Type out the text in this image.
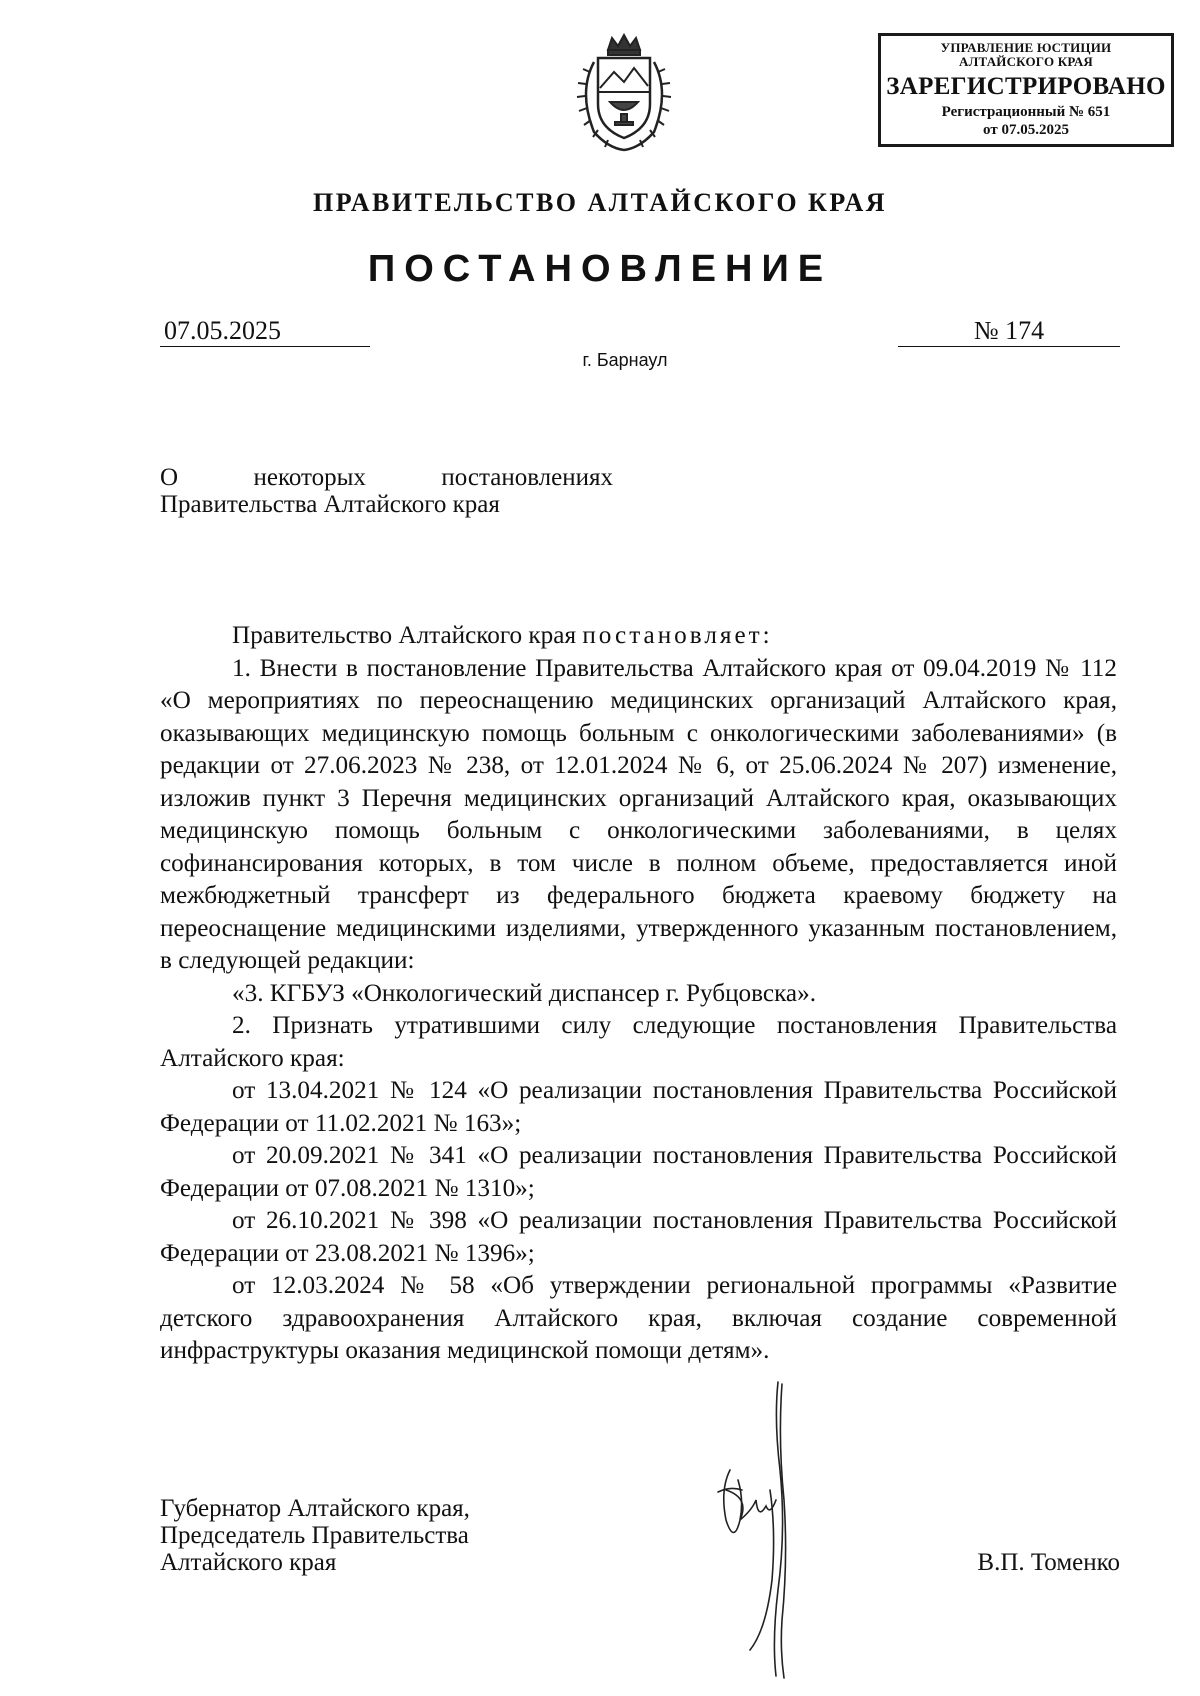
УПРАВЛЕНИЕ ЮСТИЦИИ
АЛТАЙСКОГО КРАЯ
ЗАРЕГИСТРИРОВАНО
Регистрационный № 651
от 07.05.2025
ПРАВИТЕЛЬСТВО АЛТАЙСКОГО КРАЯ
ПОСТАНОВЛЕНИЕ
07.05.2025	№ 174
г. Барнаул
О некоторых постановлениях
Правительства Алтайского края

Правительство Алтайского края постановляет:

1. Внести в постановление Правительства Алтайского края от 09.04.2019 № 112 «О мероприятиях по переоснащению медицинских организаций Алтайского края, оказывающих медицинскую помощь больным с онкологическими заболеваниями» (в редакции от 27.06.2023 № 238, от 12.01.2024 № 6, от 25.06.2024 № 207) изменение, изложив пункт 3 Перечня медицинских организаций Алтайского края, оказывающих медицинскую помощь больным с онкологическими заболеваниями, в целях софинансирования которых, в том числе в полном объеме, предоставляется иной межбюджетный трансферт из федерального бюджета краевому бюджету на переоснащение медицинскими изделиями, утвержденного указанным постановлением, в следующей редакции:

«3. КГБУЗ «Онкологический диспансер г. Рубцовска».

2. Признать утратившими силу следующие постановления Правительства Алтайского края:

от 13.04.2021 № 124 «О реализации постановления Правительства Российской Федерации от 11.02.2021 № 163»;

от 20.09.2021 № 341 «О реализации постановления Правительства Российской Федерации от 07.08.2021 № 1310»;

от 26.10.2021 № 398 «О реализации постановления Правительства Российской Федерации от 23.08.2021 № 1396»;

от 12.03.2024 № 58 «Об утверждении региональной программы «Развитие детского здравоохранения Алтайского края, включая создание современной инфраструктуры оказания медицинской помощи детям».

Губернатор Алтайского края,
Председатель Правительства
Алтайского края	В.П. Томенко
